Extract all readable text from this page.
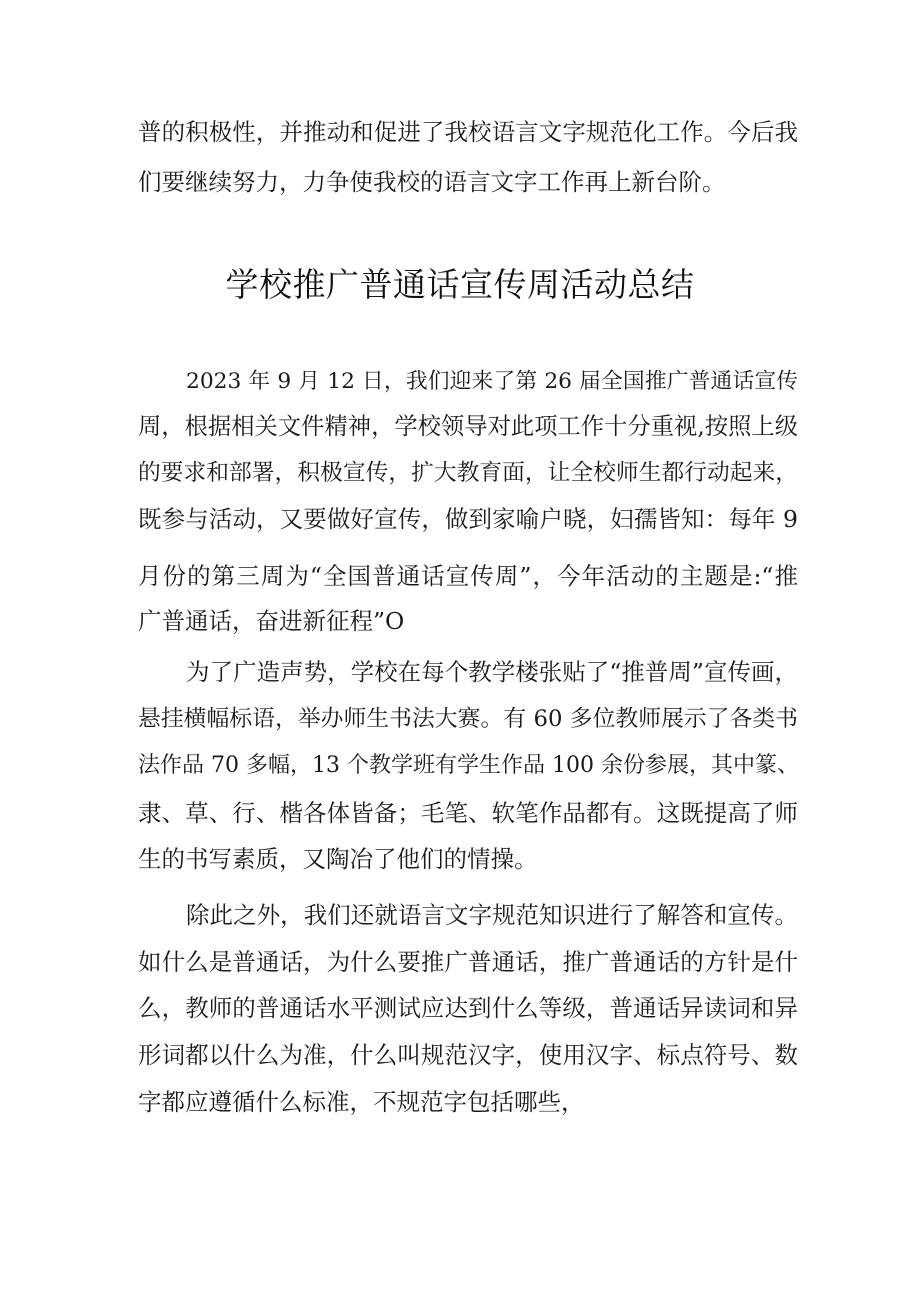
普的积极性，并推动和促进了我校语言文字规范化工作。今后我
们要继续努力，力争使我校的语言文字工作再上新台阶。
学校推广普通话宣传周活动总结
2023 年 9 月 12 日，我们迎来了第 26 届全国推广普通话宣传
周，根据相关文件精神，学校领导对此项工作十分重视,按照上级
的要求和部署，积极宣传，扩大教育面，让全校师生都行动起来，
既参与活动，又要做好宣传，做到家喻户晓，妇孺皆知：每年 9
月份的第三周为“全国普通话宣传周”，今年活动的主题是:“推
广普通话，奋进新征程”O
为了广造声势，学校在每个教学楼张贴了“推普周”宣传画，
悬挂横幅标语，举办师生书法大赛。有 60 多位教师展示了各类书
法作品 70 多幅，13 个教学班有学生作品 100 余份参展，其中篆、
隶、草、行、楷各体皆备；毛笔、软笔作品都有。这既提高了师
生的书写素质，又陶冶了他们的情操。
除此之外，我们还就语言文字规范知识进行了解答和宣传。
如什么是普通话，为什么要推广普通话，推广普通话的方针是什
么，教师的普通话水平测试应达到什么等级，普通话异读词和异
形词都以什么为准，什么叫规范汉字，使用汉字、标点符号、数
字都应遵循什么标准，不规范字包括哪些，
